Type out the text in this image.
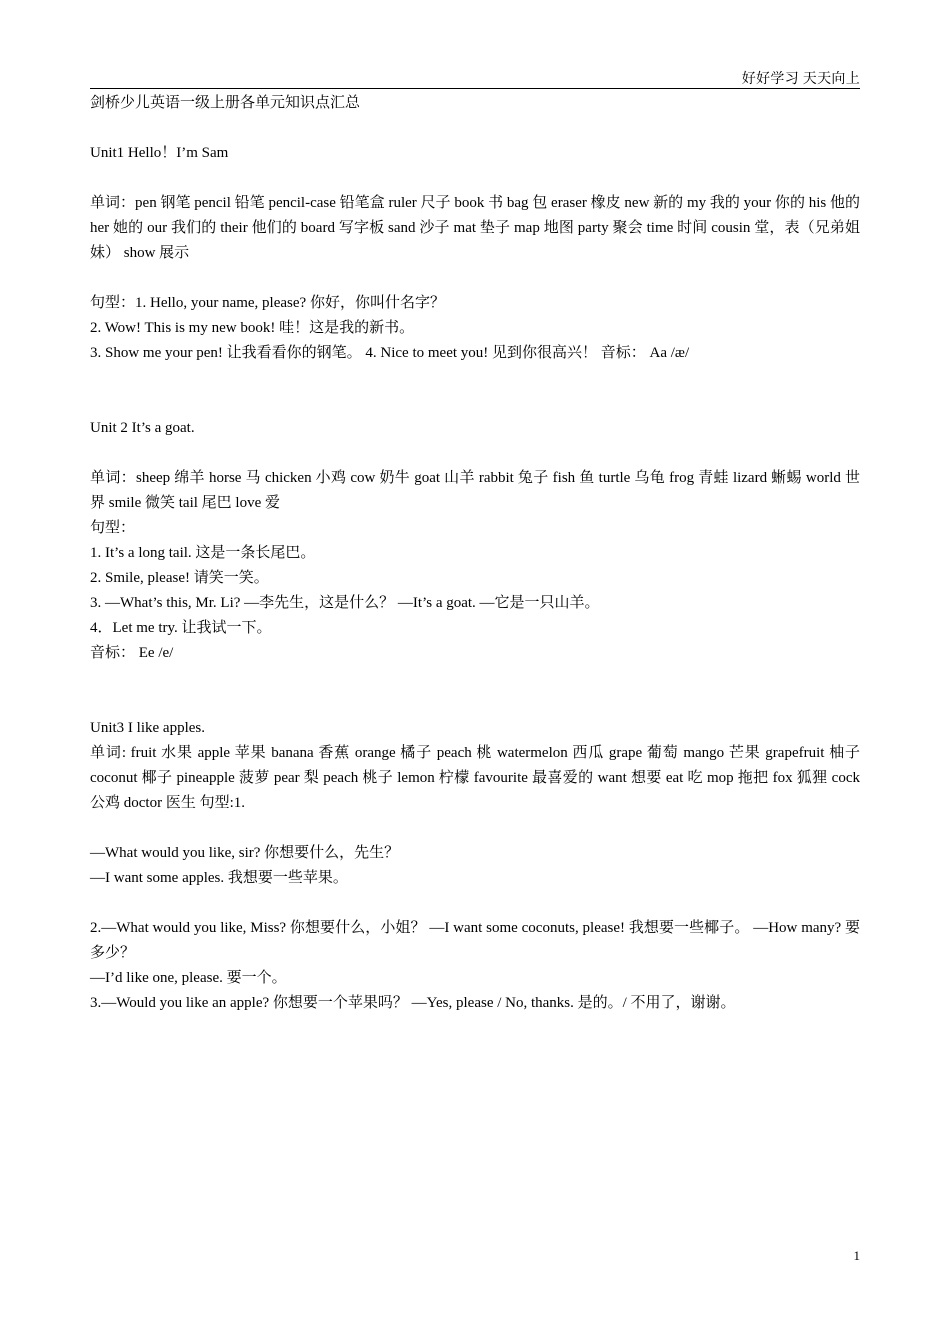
好好学习 天天向上
剑桥少儿英语一级上册各单元知识点汇总
Unit1 Hello！I’m Sam
单词：pen 钢笔 pencil 铅笔 pencil-case 铅笔盒 ruler 尺子 book 书 bag 包 eraser 橡皮 new 新的 my 我的 your 你的 his 他的 her 她的 our 我们的 their 他们的 board 写字板 sand 沙子 mat 垫子 map 地图 party 聚会 time 时间 cousin 堂，表（兄弟姐妹） show 展示
句型：1. Hello, your name, please? 你好，你叫什名字？
2. Wow! This is my new book! 哇！这是我的新书。
3. Show me your pen! 让我看看你的钢笔。 4. Nice to meet you! 见到你很高兴！ 音标： Aa /æ/
Unit 2 It’s a goat.
单词：sheep 绵羊 horse 马 chicken 小鸡 cow 奶牛 goat 山羊 rabbit 兔子 fish 鱼 turtle 乌龟 frog 青蛙 lizard 蜥蜴 world 世界 smile 微笑 tail 尾巴 love 爱
句型：
1. It’s a long tail. 这是一条长尾巴。
2. Smile, please! 请笑一笑。
3. —What’s this, Mr. Li? —李先生，这是什么？ —It’s a goat. —它是一只山羊。
4．Let me try. 让我试一下。
音标： Ee /e/
Unit3 I like apples.
单词: fruit 水果 apple 苹果 banana 香蕉 orange 橘子 peach 桃 watermelon 西瓜 grape 葡萄 mango 芒果 grapefruit 柚子 coconut 椰子 pineapple 菠萝 pear 梨 peach 桃子 lemon 柠檬 favourite 最喜爱的 want 想要 eat 吃 mop 拖把 fox 狐狸 cock 公鸡 doctor 医生 句型:1.
—What would you like, sir? 你想要什么，先生？
—I want some apples. 我想要一些苹果。
2.—What would you like, Miss? 你想要什么，小姐？ —I want some coconuts, please! 我想要一些椰子。 —How many? 要多少？
—I’d like one, please. 要一个。
3.—Would you like an apple? 你想要一个苹果吗？ —Yes, please / No, thanks. 是的。/ 不用了，谢谢。
1
